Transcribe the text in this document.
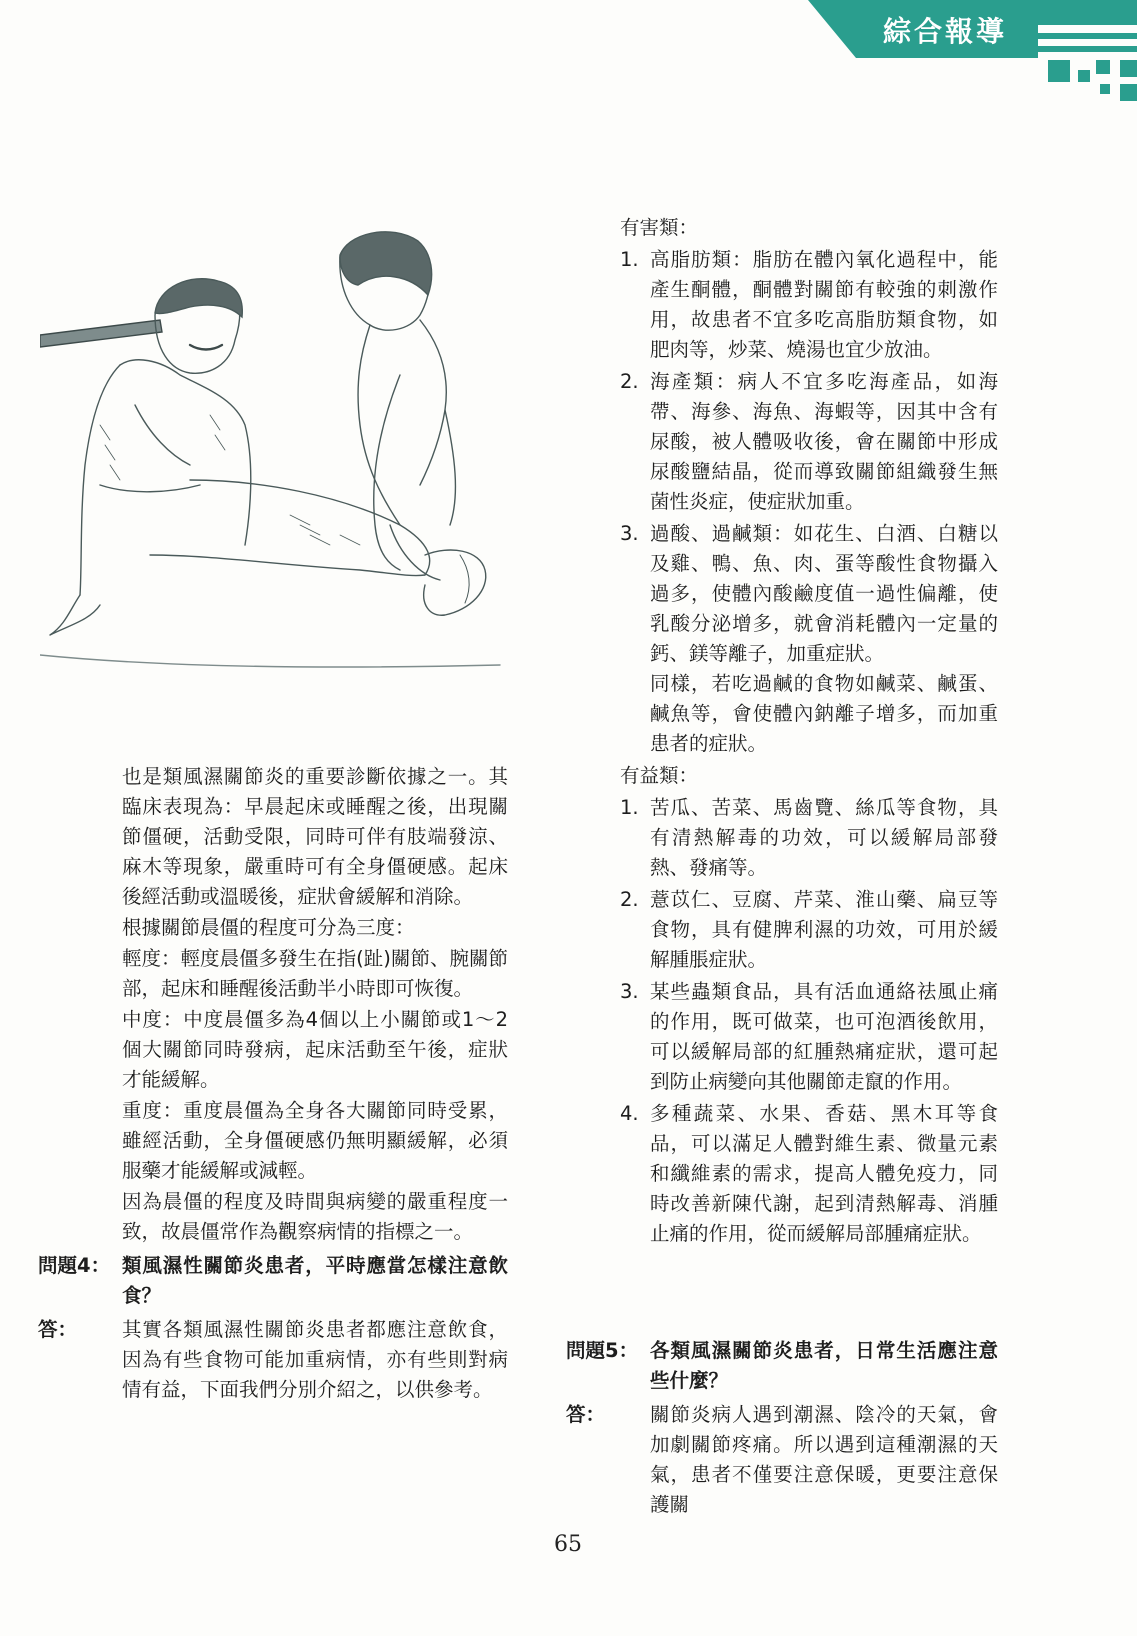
綜合報導

也是類風濕關節炎的重要診斷依據之一。其臨床表現為：早晨起床或睡醒之後，出現關節僵硬，活動受限，同時可伴有肢端發涼、麻木等現象，嚴重時可有全身僵硬感。起床後經活動或溫暖後，症狀會緩解和消除。

根據關節晨僵的程度可分為三度：

輕度：輕度晨僵多發生在指(趾)關節、腕關節部，起床和睡醒後活動半小時即可恢復。

中度：中度晨僵多為4個以上小關節或1～2個大關節同時發病，起床活動至午後，症狀才能緩解。

重度：重度晨僵為全身各大關節同時受累，雖經活動，全身僵硬感仍無明顯緩解，必須服藥才能緩解或減輕。

因為晨僵的程度及時間與病變的嚴重程度一致，故晨僵常作為觀察病情的指標之一。

問題4： 類風濕性關節炎患者，平時應當怎樣注意飲食？
答：	其實各類風濕性關節炎患者都應注意飲食，因為有些食物可能加重病情，亦有些則對病情有益，下面我們分別介紹之，以供參考。
有害類：
1. 高脂肪類：脂肪在體內氧化過程中，能產生酮體，酮體對關節有較強的刺激作用，故患者不宜多吃高脂肪類食物，如肥肉等，炒菜、燒湯也宜少放油。
2. 海產類：病人不宜多吃海產品，如海帶、海參、海魚、海蝦等，因其中含有尿酸，被人體吸收後，會在關節中形成尿酸鹽結晶，從而導致關節組織發生無菌性炎症，使症狀加重。
3. 過酸、過鹹類：如花生、白酒、白糖以及雞、鴨、魚、肉、蛋等酸性食物攝入過多，使體內酸鹼度值一過性偏離，使乳酸分泌增多，就會消耗體內一定量的鈣、鎂等離子，加重症狀。
同樣，若吃過鹹的食物如鹹菜、鹹蛋、鹹魚等，會使體內鈉離子增多，而加重患者的症狀。
有益類：
1. 苦瓜、苦菜、馬齒覽、絲瓜等食物，具有清熱解毒的功效，可以緩解局部發熱、發痛等。
2. 薏苡仁、豆腐、芹菜、淮山藥、扁豆等食物，具有健脾利濕的功效，可用於緩解腫脹症狀。
3. 某些蟲類食品，具有活血通絡祛風止痛的作用，既可做菜，也可泡酒後飲用，可以緩解局部的紅腫熱痛症狀，還可起到防止病變向其他關節走竄的作用。
4. 多種蔬菜、水果、香菇、黑木耳等食品，可以滿足人體對維生素、微量元素和纖維素的需求，提高人體免疫力，同時改善新陳代謝，起到清熱解毒、消腫止痛的作用，從而緩解局部腫痛症狀。
問題5： 各類風濕關節炎患者，日常生活應注意些什麼？
答：	關節炎病人遇到潮濕、陰冷的天氣，會加劇關節疼痛。所以遇到這種潮濕的天氣，患者不僅要注意保暖，更要注意保護關
65
